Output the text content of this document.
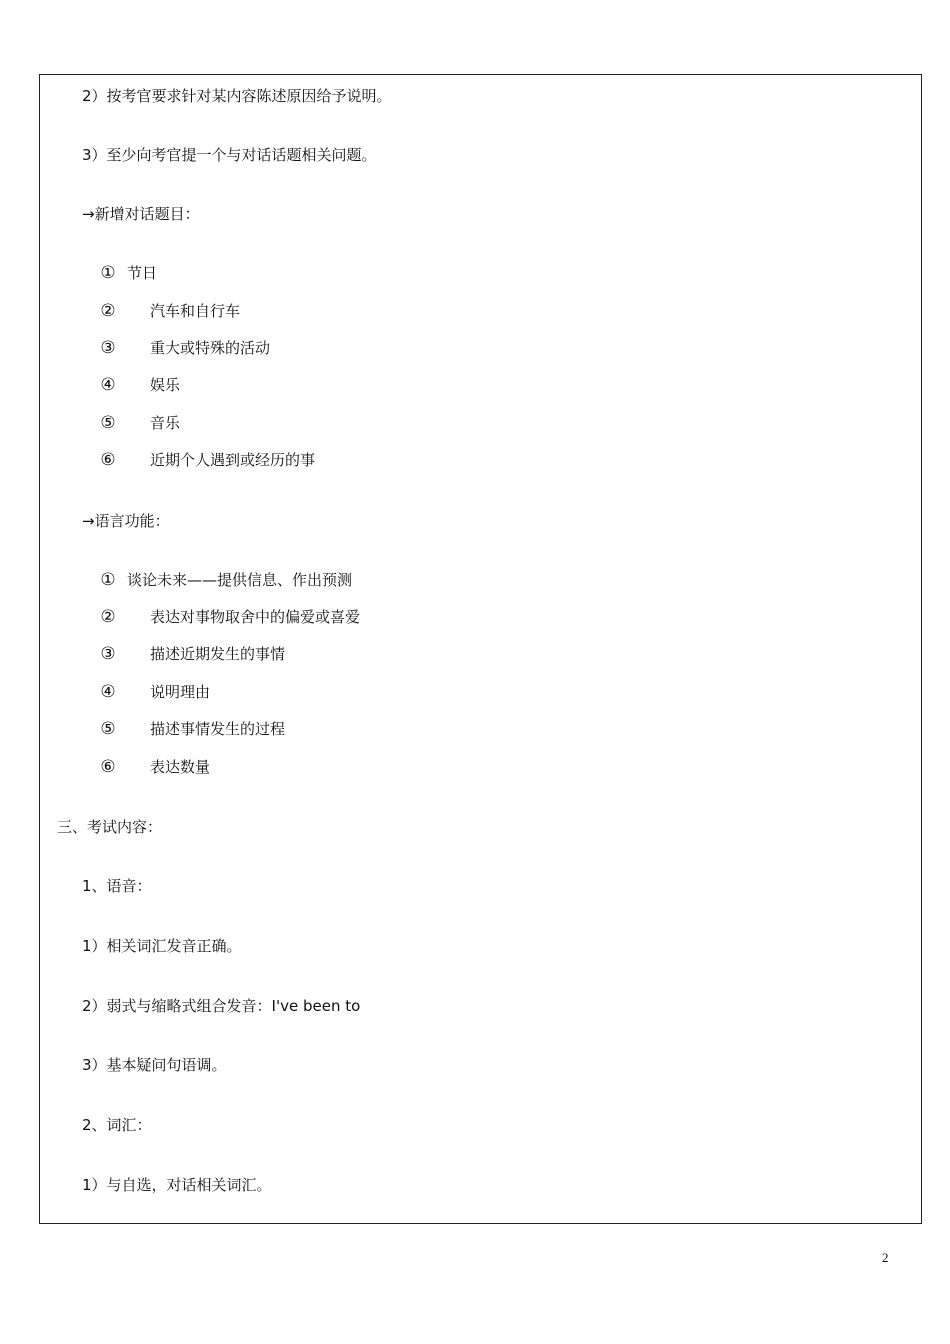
2）按考官要求针对某内容陈述原因给予说明。
3）至少向考官提一个与对话话题相关问题。
→新增对话题目：
① 节日
② 汽车和自行车
③ 重大或特殊的活动
④ 娱乐
⑤ 音乐
⑥ 近期个人遇到或经历的事
→语言功能：
① 谈论未来——提供信息、作出预测
② 表达对事物取舍中的偏爱或喜爱
③ 描述近期发生的事情
④ 说明理由
⑤ 描述事情发生的过程
⑥ 表达数量
三、考试内容：
1、语音：
1）相关词汇发音正确。
2）弱式与缩略式组合发音：I've been to
3）基本疑问句语调。
2、词汇：
1）与自选，对话相关词汇。
2
